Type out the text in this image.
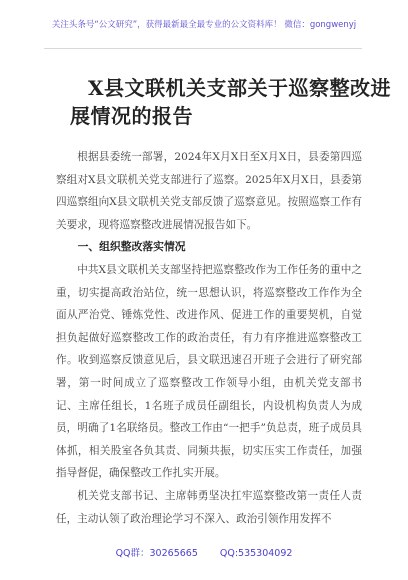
关注头条号“公文研究”，获得最新最全最专业的公文资料库！ 微信：gongwenyj
X县文联机关支部关于巡察整改进
展情况的报告

根据县委统一部署，2024年X月X日至X月X日，县委第四巡察组对X县文联机关党支部进行了巡察。2025年X月X日，县委第四巡察组向X县文联机关党支部反馈了巡察意见。按照巡察工作有关要求，现将巡察整改进展情况报告如下。

一、组织整改落实情况

中共X县文联机关支部坚持把巡察整改作为工作任务的重中之重，切实提高政治站位，统一思想认识，将巡察整改工作作为全面从严治党、锤炼党性、改进作风、促进工作的重要契机，自觉担负起做好巡察整改工作的政治责任，有力有序推进巡察整改工作。收到巡察反馈意见后，县文联迅速召开班子会进行了研究部署，第一时间成立了巡察整改工作领导小组，由机关党支部书记、主席任组长，1名班子成员任副组长，内设机构负责人为成员，明确了1名联络员。整改工作由“一把手”负总责，班子成员具体抓，相关股室各负其责、同频共振，切实压实工作责任，加强指导督促，确保整改工作扎实开展。

机关党支部书记、主席韩勇坚决扛牢巡察整改第一责任人责任，主动认领了政治理论学习不深入、政治引领作用发挥不

QQ群：30265665 QQ:535304092
